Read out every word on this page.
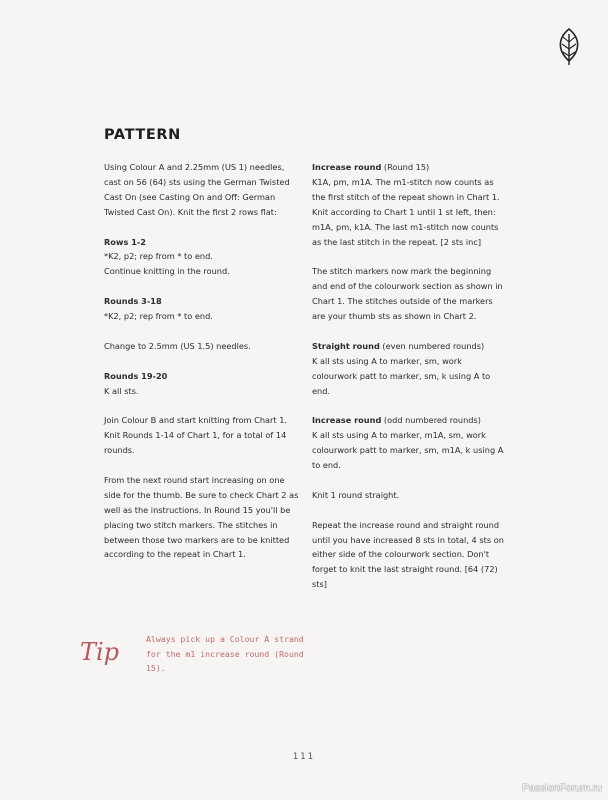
PATTERN

Using Colour A and 2.25mm (US 1) needles, cast on 56 (64) sts using the German Twisted Cast On (see Casting On and Off: German Twisted Cast On). Knit the first 2 rows flat:

Rows 1-2

*K2, p2; rep from * to end.

Continue knitting in the round.

Rounds 3-18

*K2, p2; rep from * to end.

Change to 2.5mm (US 1.5) needles.

Rounds 19-20

K all sts.

Join Colour B and start knitting from Chart 1. Knit Rounds 1-14 of Chart 1, for a total of 14 rounds.

From the next round start increasing on one side for the thumb. Be sure to check Chart 2 as well as the instructions. In Round 15 you'll be placing two stitch markers. The stitches in between those two markers are to be knitted according to the repeat in Chart 1.

Increase round (Round 15)

K1A, pm, m1A. The m1-stitch now counts as the first stitch of the repeat shown in Chart 1. Knit according to Chart 1 until 1 st left, then: m1A, pm, k1A. The last m1-stitch now counts as the last stitch in the repeat. [2 sts inc]

The stitch markers now mark the beginning and end of the colourwork section as shown in Chart 1. The stitches outside of the markers are your thumb sts as shown in Chart 2.

Straight round (even numbered rounds)

K all sts using A to marker, sm, work colourwork patt to marker, sm, k using A to end.

Increase round (odd numbered rounds)

K all sts using A to marker, m1A, sm, work colourwork patt to marker, sm, m1A, k using A to end.

Knit 1 round straight.

Repeat the increase round and straight round until you have increased 8 sts in total, 4 sts on either side of the colourwork section. Don't forget to knit the last straight round. [64 (72) sts]

Tip	Always pick up a Colour A strand for the m1 increase round (Round 15).
111
PassionForum.ru
